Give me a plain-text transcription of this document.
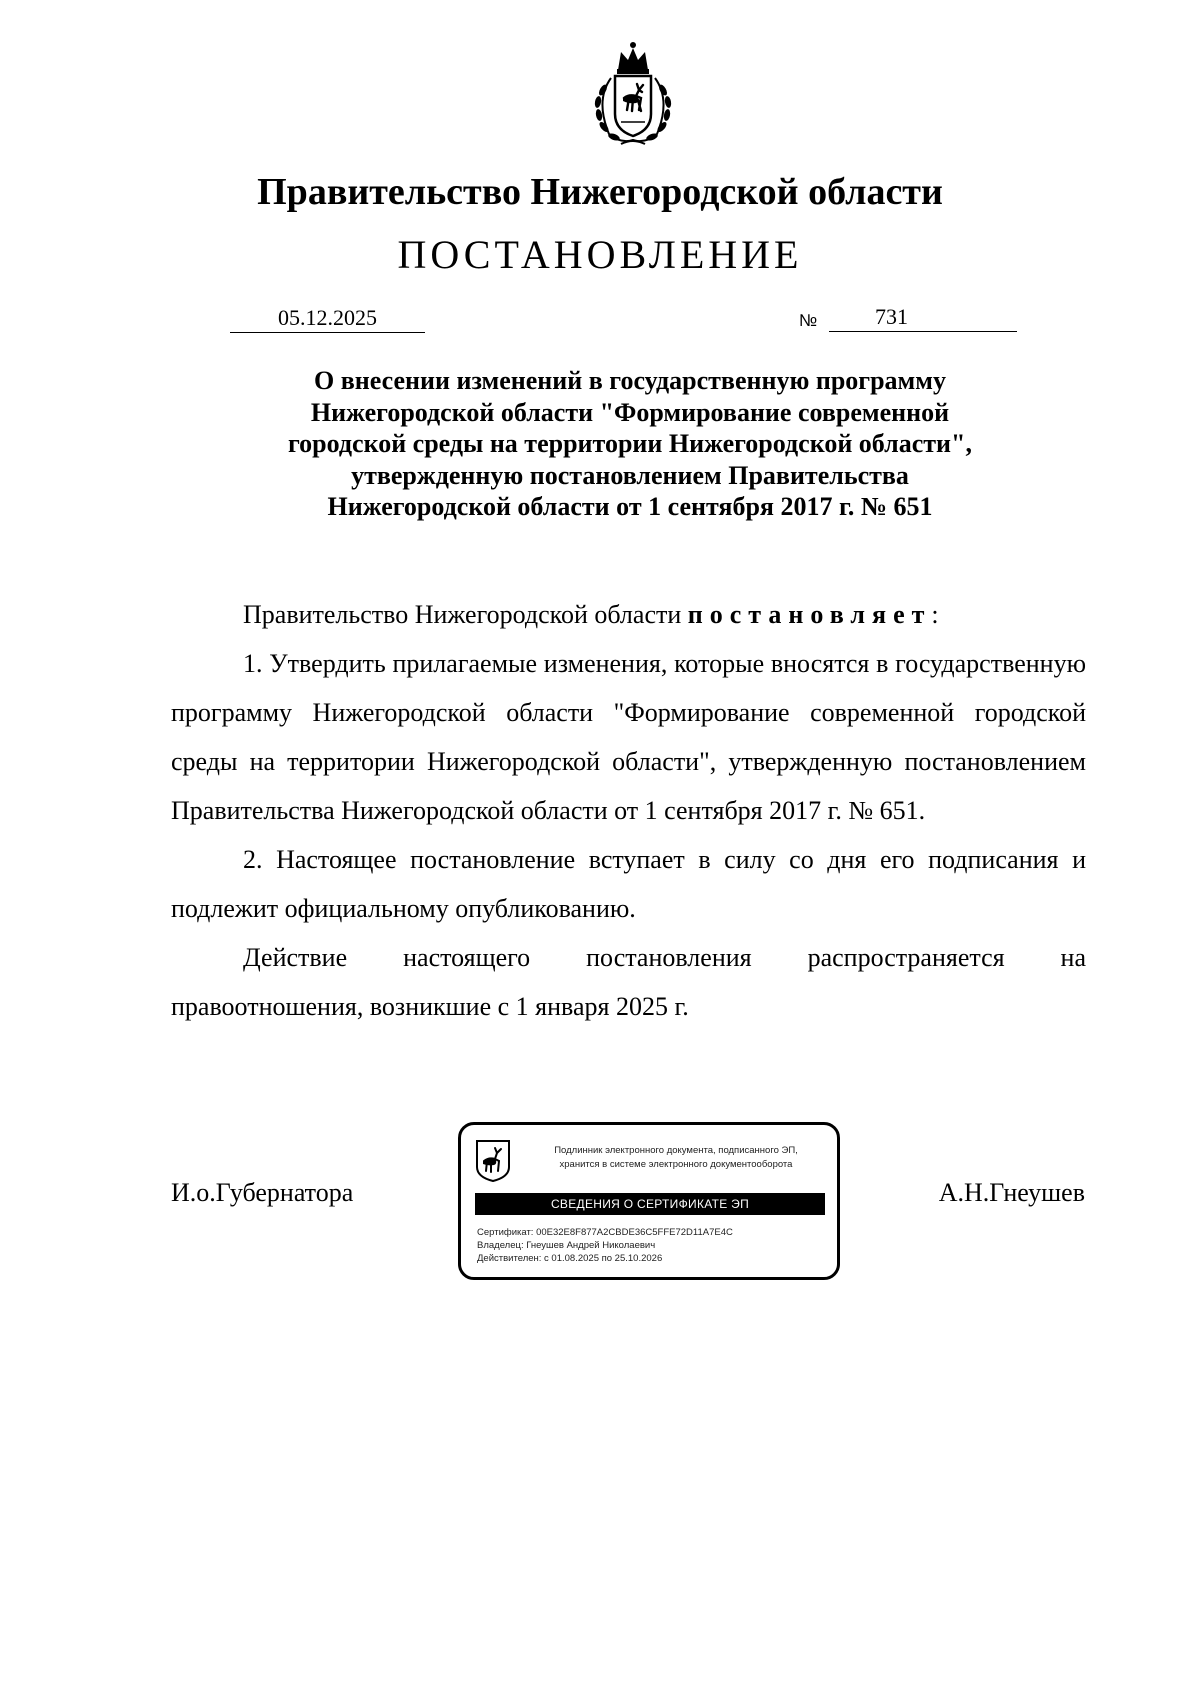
Правительство Нижегородской области
ПОСТАНОВЛЕНИЕ
05.12.2025	№	731
О внесении изменений в государственную программу
Нижегородской области "Формирование современной
городской среды на территории Нижегородской области",
утвержденную постановлением Правительства
Нижегородской области от 1 сентября 2017 г. № 651

Правительство Нижегородской области постановляет:

1. Утвердить прилагаемые изменения, которые вносятся в государственную программу Нижегородской области "Формирование современной городской среды на территории Нижегородской области", утвержденную постановлением Правительства Нижегородской области от 1 сентября 2017 г. № 651.

2. Настоящее постановление вступает в силу со дня его подписания и подлежит официальному опубликованию.

Действие настоящего постановления распространяется на правоотношения, возникшие с 1 января 2025 г.

И.о.Губернатора
Подлинник электронного документа, подписанного ЭП,
хранится в системе электронного документооборота
СВЕДЕНИЯ О СЕРТИФИКАТЕ ЭП
Сертификат: 00E32E8F877A2CBDE36C5FFE72D11A7E4C
Владелец: Гнеушев Андрей Николаевич
Действителен: с 01.08.2025 по 25.10.2026
А.Н.Гнеушев
